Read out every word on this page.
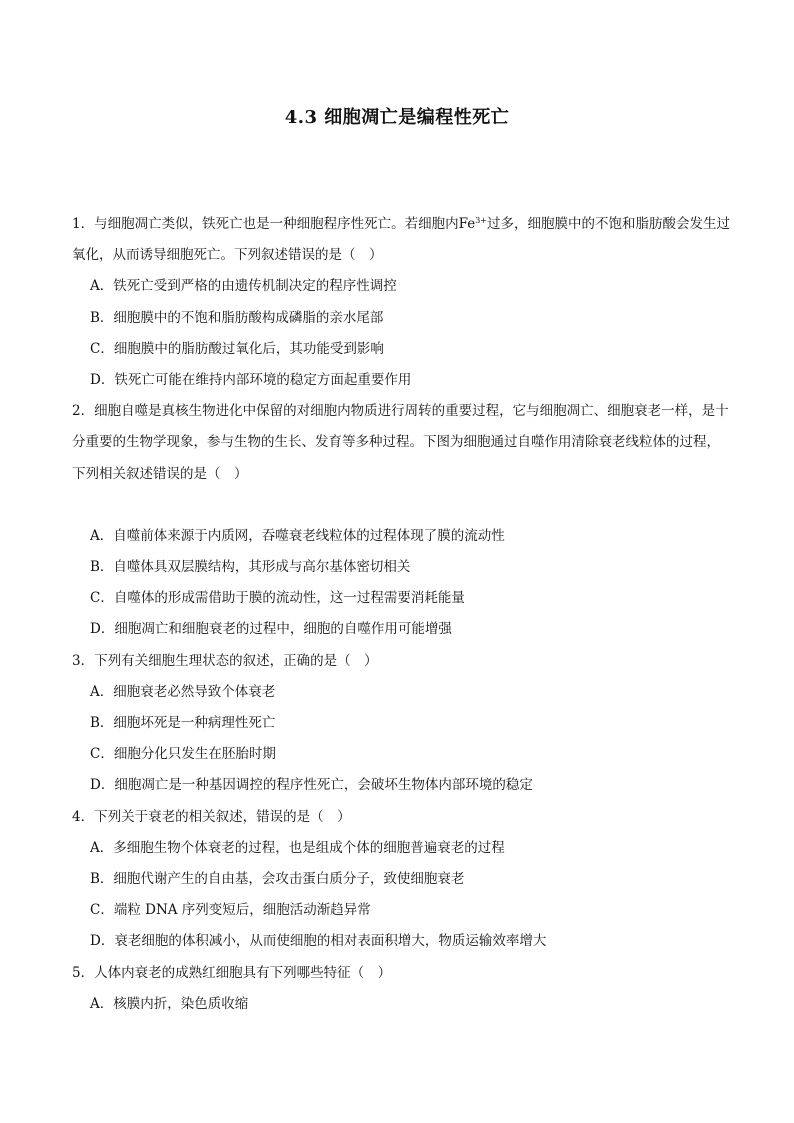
4.3 细胞凋亡是编程性死亡

1．与细胞凋亡类似，铁死亡也是一种细胞程序性死亡。若细胞内$Fe^{3+}$过多，细胞膜中的不饱和脂肪酸会发生过氧化，从而诱导细胞死亡。下列叙述错误的是（　）

A．铁死亡受到严格的由遗传机制决定的程序性调控

B．细胞膜中的不饱和脂肪酸构成磷脂的亲水尾部

C．细胞膜中的脂肪酸过氧化后，其功能受到影响

D．铁死亡可能在维持内部环境的稳定方面起重要作用

2．细胞自噬是真核生物进化中保留的对细胞内物质进行周转的重要过程，它与细胞凋亡、细胞衰老一样，是十分重要的生物学现象，参与生物的生长、发育等多种过程。下图为细胞通过自噬作用清除衰老线粒体的过程，下列相关叙述错误的是（　）

A．自噬前体来源于内质网，吞噬衰老线粒体的过程体现了膜的流动性

B．自噬体具双层膜结构，其形成与高尔基体密切相关

C．自噬体的形成需借助于膜的流动性，这一过程需要消耗能量

D．细胞凋亡和细胞衰老的过程中，细胞的自噬作用可能增强

3．下列有关细胞生理状态的叙述，正确的是（　）

A．细胞衰老必然导致个体衰老

B．细胞坏死是一种病理性死亡

C．细胞分化只发生在胚胎时期

D．细胞凋亡是一种基因调控的程序性死亡，会破坏生物体内部环境的稳定

4．下列关于衰老的相关叙述，错误的是（　）

A．多细胞生物个体衰老的过程，也是组成个体的细胞普遍衰老的过程

B．细胞代谢产生的自由基，会攻击蛋白质分子，致使细胞衰老

C．端粒 DNA 序列变短后，细胞活动渐趋异常

D．衰老细胞的体积减小，从而使细胞的相对表面积增大，物质运输效率增大

5．人体内衰老的成熟红细胞具有下列哪些特征（　）

A．核膜内折，染色质收缩
